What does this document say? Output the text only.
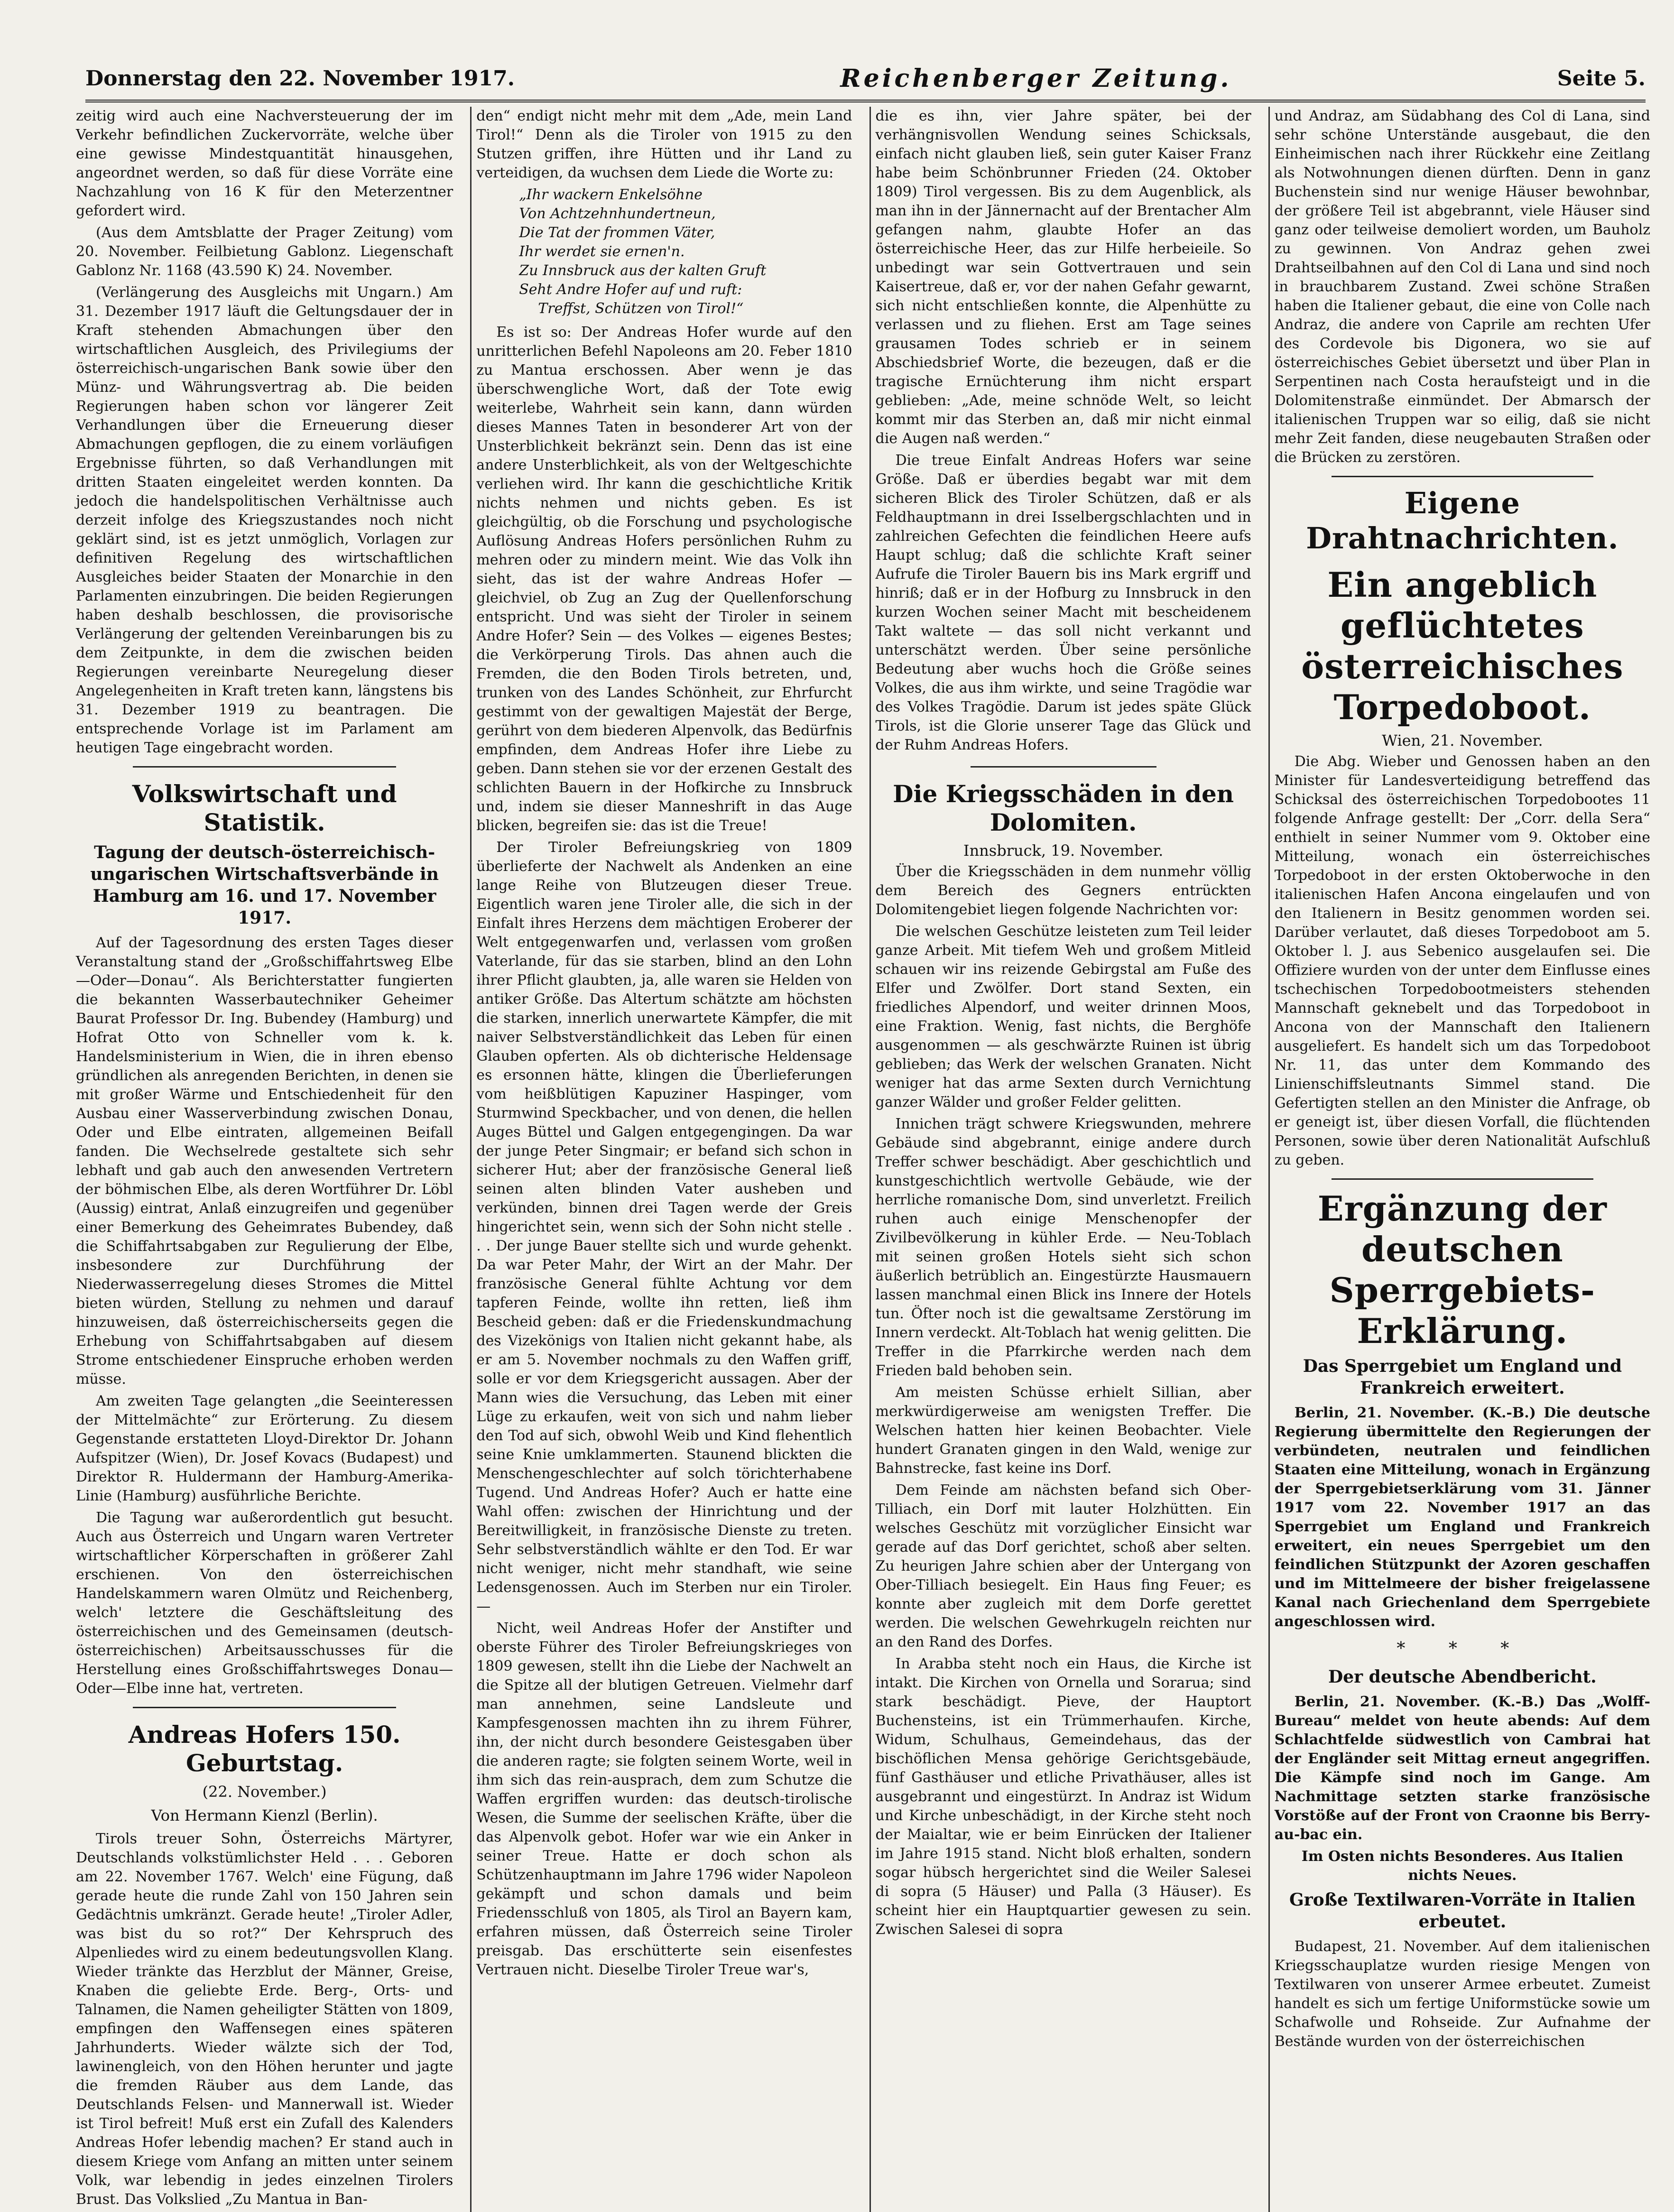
Donnerstag den 22. November 1917.	Reichenberger Zeitung.	Seite 5.

zeitig wird auch eine Nachversteuerung der im Verkehr befindlichen Zuckervorräte, welche über eine gewisse Mindestquantität hinausgehen, angeordnet werden, so daß für diese Vorräte eine Nachzahlung von 16 K für den Meterzentner gefordert wird.

(Aus dem Amtsblatte der Prager Zeitung) vom 20. November. Feilbietung Gablonz. Liegenschaft Gablonz Nr. 1168 (43.590 K) 24. November.

(Verlängerung des Ausgleichs mit Ungarn.) Am 31. Dezember 1917 läuft die Geltungsdauer der in Kraft stehenden Abmachungen über den wirtschaftlichen Ausgleich, des Privilegiums der österreichisch-ungarischen Bank sowie über den Münz- und Währungsvertrag ab. Die beiden Regierungen haben schon vor längerer Zeit Verhandlungen über die Erneuerung dieser Abmachungen gepflogen, die zu einem vorläufigen Ergebnisse führten, so daß Verhandlungen mit dritten Staaten eingeleitet werden konnten. Da jedoch die handelspolitischen Verhältnisse auch derzeit infolge des Kriegszustandes noch nicht geklärt sind, ist es jetzt unmöglich, Vorlagen zur definitiven Regelung des wirtschaftlichen Ausgleiches beider Staaten der Monarchie in den Parlamenten einzubringen. Die beiden Regierungen haben deshalb beschlossen, die provisorische Verlängerung der geltenden Vereinbarungen bis zu dem Zeitpunkte, in dem die zwischen beiden Regierungen vereinbarte Neuregelung dieser Angelegenheiten in Kraft treten kann, längstens bis 31. Dezember 1919 zu beantragen. Die entsprechende Vorlage ist im Parlament am heutigen Tage eingebracht worden.

Volkswirtschaft und Statistik.
Tagung der deutsch-österreichisch-ungarischen Wirtschaftsverbände in Hamburg am 16. und 17. November 1917.

Auf der Tagesordnung des ersten Tages dieser Veranstaltung stand der „Großschiffahrtsweg Elbe—Oder—Donau“. Als Berichterstatter fungierten die bekannten Wasserbautechniker Geheimer Baurat Professor Dr. Ing. Bubendey (Hamburg) und Hofrat Otto von Schneller vom k. k. Handelsministerium in Wien, die in ihren ebenso gründlichen als anregenden Berichten, in denen sie mit großer Wärme und Entschiedenheit für den Ausbau einer Wasserverbindung zwischen Donau, Oder und Elbe eintraten, allgemeinen Beifall fanden. Die Wechselrede gestaltete sich sehr lebhaft und gab auch den anwesenden Vertretern der böhmischen Elbe, als deren Wortführer Dr. Löbl (Aussig) eintrat, Anlaß einzugreifen und gegenüber einer Bemerkung des Geheimrates Bubendey, daß die Schiffahrtsabgaben zur Regulierung der Elbe, insbesondere zur Durchführung der Niederwasserregelung dieses Stromes die Mittel bieten würden, Stellung zu nehmen und darauf hinzuweisen, daß österreichischerseits gegen die Erhebung von Schiffahrtsabgaben auf diesem Strome entschiedener Einspruche erhoben werden müsse.

Am zweiten Tage gelangten „die Seeinteressen der Mittelmächte“ zur Erörterung. Zu diesem Gegenstande erstatteten Lloyd-Direktor Dr. Johann Aufspitzer (Wien), Dr. Josef Kovacs (Budapest) und Direktor R. Huldermann der Hamburg-Amerika-Linie (Hamburg) ausführliche Berichte.

Die Tagung war außerordentlich gut besucht. Auch aus Österreich und Ungarn waren Vertreter wirtschaftlicher Körperschaften in größerer Zahl erschienen. Von den österreichischen Handelskammern waren Olmütz und Reichenberg, welch' letztere die Geschäftsleitung des österreichischen und des Gemeinsamen (deutsch-österreichischen) Arbeitsausschusses für die Herstellung eines Großschiffahrtsweges Donau—Oder—Elbe inne hat, vertreten.

Andreas Hofers 150. Geburtstag.
(22. November.)
Von Hermann Kienzl (Berlin).

Tirols treuer Sohn, Österreichs Märtyrer, Deutschlands volkstümlichster Held . . . Geboren am 22. November 1767. Welch' eine Fügung, daß gerade heute die runde Zahl von 150 Jahren sein Gedächtnis umkränzt. Gerade heute! „Tiroler Adler, was bist du so rot?“ Der Kehrspruch des Alpenliedes wird zu einem bedeutungsvollen Klang. Wieder tränkte das Herzblut der Männer, Greise, Knaben die geliebte Erde. Berg-, Orts- und Talnamen, die Namen geheiligter Stätten von 1809, empfingen den Waffensegen eines späteren Jahrhunderts. Wieder wälzte sich der Tod, lawinengleich, von den Höhen herunter und jagte die fremden Räuber aus dem Lande, das Deutschlands Felsen- und Mannerwall ist. Wieder ist Tirol befreit! Muß erst ein Zufall des Kalenders Andreas Hofer lebendig machen? Er stand auch in diesem Kriege vom Anfang an mitten unter seinem Volk, war lebendig in jedes einzelnen Tirolers Brust. Das Volkslied „Zu Mantua in Ban-

den“ endigt nicht mehr mit dem „Ade, mein Land Tirol!“ Denn als die Tiroler von 1915 zu den Stutzen griffen, ihre Hütten und ihr Land zu verteidigen, da wuchsen dem Liede die Worte zu:

„Ihr wackern Enkelsöhne
Von Achtzehnhundertneun,
Die Tat der frommen Väter,
Ihr werdet sie ernen'n.
Zu Innsbruck aus der kalten Gruft
Seht Andre Hofer auf und ruft:
Treffst, Schützen von Tirol!“

Es ist so: Der Andreas Hofer wurde auf den unritterlichen Befehl Napoleons am 20. Feber 1810 zu Mantua erschossen. Aber wenn je das überschwengliche Wort, daß der Tote ewig weiterlebe, Wahrheit sein kann, dann würden dieses Mannes Taten in besonderer Art von der Unsterblichkeit bekränzt sein. Denn das ist eine andere Unsterblichkeit, als von der Weltgeschichte verliehen wird. Ihr kann die geschichtliche Kritik nichts nehmen und nichts geben. Es ist gleichgültig, ob die Forschung und psychologische Auflösung Andreas Hofers persönlichen Ruhm zu mehren oder zu mindern meint. Wie das Volk ihn sieht, das ist der wahre Andreas Hofer — gleichviel, ob Zug an Zug der Quellenforschung entspricht. Und was sieht der Tiroler in seinem Andre Hofer? Sein — des Volkes — eigenes Bestes; die Verkörperung Tirols. Das ahnen auch die Fremden, die den Boden Tirols betreten, und, trunken von des Landes Schönheit, zur Ehrfurcht gestimmt von der gewaltigen Majestät der Berge, gerührt von dem biederen Alpenvolk, das Bedürfnis empfinden, dem Andreas Hofer ihre Liebe zu geben. Dann stehen sie vor der erzenen Gestalt des schlichten Bauern in der Hofkirche zu Innsbruck und, indem sie dieser Manneshrift in das Auge blicken, begreifen sie: das ist die Treue!

Der Tiroler Befreiungskrieg von 1809 überlieferte der Nachwelt als Andenken an eine lange Reihe von Blutzeugen dieser Treue. Eigentlich waren jene Tiroler alle, die sich in der Einfalt ihres Herzens dem mächtigen Eroberer der Welt entgegenwarfen und, verlassen vom großen Vaterlande, für das sie starben, blind an den Lohn ihrer Pflicht glaubten, ja, alle waren sie Helden von antiker Größe. Das Altertum schätzte am höchsten die starken, innerlich unerwartete Kämpfer, die mit naiver Selbstverständlichkeit das Leben für einen Glauben opferten. Als ob dichterische Heldensage es ersonnen hätte, klingen die Überlieferungen vom heißblütigen Kapuziner Haspinger, vom Sturmwind Speckbacher, und von denen, die hellen Auges Büttel und Galgen entgegengingen. Da war der junge Peter Singmair; er befand sich schon in sicherer Hut; aber der französische General ließ seinen alten blinden Vater ausheben und verkünden, binnen drei Tagen werde der Greis hingerichtet sein, wenn sich der Sohn nicht stelle . . . Der junge Bauer stellte sich und wurde gehenkt. Da war Peter Mahr, der Wirt an der Mahr. Der französische General fühlte Achtung vor dem tapferen Feinde, wollte ihn retten, ließ ihm Bescheid geben: daß er die Friedenskundmachung des Vizekönigs von Italien nicht gekannt habe, als er am 5. November nochmals zu den Waffen griff, solle er vor dem Kriegsgericht aussagen. Aber der Mann wies die Versuchung, das Leben mit einer Lüge zu erkaufen, weit von sich und nahm lieber den Tod auf sich, obwohl Weib und Kind flehentlich seine Knie umklammerten. Staunend blickten die Menschengeschlechter auf solch törichterhabene Tugend. Und Andreas Hofer? Auch er hatte eine Wahl offen: zwischen der Hinrichtung und der Bereitwilligkeit, in französische Dienste zu treten. Sehr selbstverständlich wählte er den Tod. Er war nicht weniger, nicht mehr standhaft, wie seine Ledensgenossen. Auch im Sterben nur ein Tiroler. —

Nicht, weil Andreas Hofer der Anstifter und oberste Führer des Tiroler Befreiungskrieges von 1809 gewesen, stellt ihn die Liebe der Nachwelt an die Spitze all der blutigen Getreuen. Vielmehr darf man annehmen, seine Landsleute und Kampfesgenossen machten ihn zu ihrem Führer, ihn, der nicht durch besondere Geistesgaben über die anderen ragte; sie folgten seinem Worte, weil in ihm sich das rein-ausprach, dem zum Schutze die Waffen ergriffen wurden: das deutsch-tirolische Wesen, die Summe der seelischen Kräfte, über die das Alpenvolk gebot. Hofer war wie ein Anker in seiner Treue. Hatte er doch schon als Schützenhauptmann im Jahre 1796 wider Napoleon gekämpft und schon damals und beim Friedensschluß von 1805, als Tirol an Bayern kam, erfahren müssen, daß Österreich seine Tiroler preisgab. Das erschütterte sein eisenfestes Vertrauen nicht. Dieselbe Tiroler Treue war's,

die es ihn, vier Jahre später, bei der verhängnisvollen Wendung seines Schicksals, einfach nicht glauben ließ, sein guter Kaiser Franz habe beim Schönbrunner Frieden (24. Oktober 1809) Tirol vergessen. Bis zu dem Augenblick, als man ihn in der Jännernacht auf der Brentacher Alm gefangen nahm, glaubte Hofer an das österreichische Heer, das zur Hilfe herbeieile. So unbedingt war sein Gottvertrauen und sein Kaisertreue, daß er, vor der nahen Gefahr gewarnt, sich nicht entschließen konnte, die Alpenhütte zu verlassen und zu fliehen. Erst am Tage seines grausamen Todes schrieb er in seinem Abschiedsbrief Worte, die bezeugen, daß er die tragische Ernüchterung ihm nicht erspart geblieben: „Ade, meine schnöde Welt, so leicht kommt mir das Sterben an, daß mir nicht einmal die Augen naß werden.“

Die treue Einfalt Andreas Hofers war seine Größe. Daß er überdies begabt war mit dem sicheren Blick des Tiroler Schützen, daß er als Feldhauptmann in drei Isselbergschlachten und in zahlreichen Gefechten die feindlichen Heere aufs Haupt schlug; daß die schlichte Kraft seiner Aufrufe die Tiroler Bauern bis ins Mark ergriff und hinriß; daß er in der Hofburg zu Innsbruck in den kurzen Wochen seiner Macht mit bescheidenem Takt waltete — das soll nicht verkannt und unterschätzt werden. Über seine persönliche Bedeutung aber wuchs hoch die Größe seines Volkes, die aus ihm wirkte, und seine Tragödie war des Volkes Tragödie. Darum ist jedes späte Glück Tirols, ist die Glorie unserer Tage das Glück und der Ruhm Andreas Hofers.

Die Kriegsschäden in den Dolomiten.
Innsbruck, 19. November.

Über die Kriegsschäden in dem nunmehr völlig dem Bereich des Gegners entrückten Dolomitengebiet liegen folgende Nachrichten vor:

Die welschen Geschütze leisteten zum Teil leider ganze Arbeit. Mit tiefem Weh und großem Mitleid schauen wir ins reizende Gebirgstal am Fuße des Elfer und Zwölfer. Dort stand Sexten, ein friedliches Alpendorf, und weiter drinnen Moos, eine Fraktion. Wenig, fast nichts, die Berghöfe ausgenommen — als geschwärzte Ruinen ist übrig geblieben; das Werk der welschen Granaten. Nicht weniger hat das arme Sexten durch Vernichtung ganzer Wälder und großer Felder gelitten.

Innichen trägt schwere Kriegswunden, mehrere Gebäude sind abgebrannt, einige andere durch Treffer schwer beschädigt. Aber geschichtlich und kunstgeschichtlich wertvolle Gebäude, wie der herrliche romanische Dom, sind unverletzt. Freilich ruhen auch einige Menschenopfer der Zivilbevölkerung in kühler Erde. — Neu-Toblach mit seinen großen Hotels sieht sich schon äußerlich betrüblich an. Eingestürzte Hausmauern lassen manchmal einen Blick ins Innere der Hotels tun. Öfter noch ist die gewaltsame Zerstörung im Innern verdeckt. Alt-Toblach hat wenig gelitten. Die Treffer in die Pfarrkirche werden nach dem Frieden bald behoben sein.

Am meisten Schüsse erhielt Sillian, aber merkwürdigerweise am wenigsten Treffer. Die Welschen hatten hier keinen Beobachter. Viele hundert Granaten gingen in den Wald, wenige zur Bahnstrecke, fast keine ins Dorf.

Dem Feinde am nächsten befand sich Ober-Tilliach, ein Dorf mit lauter Holzhütten. Ein welsches Geschütz mit vorzüglicher Einsicht war gerade auf das Dorf gerichtet, schoß aber selten. Zu heurigen Jahre schien aber der Untergang von Ober-Tilliach besiegelt. Ein Haus fing Feuer; es konnte aber zugleich mit dem Dorfe gerettet werden. Die welschen Gewehrkugeln reichten nur an den Rand des Dorfes.

In Arabba steht noch ein Haus, die Kirche ist intakt. Die Kirchen von Ornella und Sorarua; sind stark beschädigt. Pieve, der Hauptort Buchensteins, ist ein Trümmerhaufen. Kirche, Widum, Schulhaus, Gemeindehaus, das der bischöflichen Mensa gehörige Gerichtsgebäude, fünf Gasthäuser und etliche Privathäuser, alles ist ausgebrannt und eingestürzt. In Andraz ist Widum und Kirche unbeschädigt, in der Kirche steht noch der Maialtar, wie er beim Einrücken der Italiener im Jahre 1915 stand. Nicht bloß erhalten, sondern sogar hübsch hergerichtet sind die Weiler Salesei di sopra (5 Häuser) und Palla (3 Häuser). Es scheint hier ein Hauptquartier gewesen zu sein. Zwischen Salesei di sopra

und Andraz, am Südabhang des Col di Lana, sind sehr schöne Unterstände ausgebaut, die den Einheimischen nach ihrer Rückkehr eine Zeitlang als Notwohnungen dienen dürften. Denn in ganz Buchenstein sind nur wenige Häuser bewohnbar, der größere Teil ist abgebrannt, viele Häuser sind ganz oder teilweise demoliert worden, um Bauholz zu gewinnen. Von Andraz gehen zwei Drahtseilbahnen auf den Col di Lana und sind noch in brauchbarem Zustand. Zwei schöne Straßen haben die Italiener gebaut, die eine von Colle nach Andraz, die andere von Caprile am rechten Ufer des Cordevole bis Digonera, wo sie auf österreichisches Gebiet übersetzt und über Plan in Serpentinen nach Costa heraufsteigt und in die Dolomitenstraße einmündet. Der Abmarsch der italienischen Truppen war so eilig, daß sie nicht mehr Zeit fanden, diese neugebauten Straßen oder die Brücken zu zerstören.

Eigene Drahtnachrichten.
Ein angeblich geflüchtetes österreichisches Torpedoboot.
Wien, 21. November.

Die Abg. Wieber und Genossen haben an den Minister für Landesverteidigung betreffend das Schicksal des österreichischen Torpedobootes 11 folgende Anfrage gestellt: Der „Corr. della Sera“ enthielt in seiner Nummer vom 9. Oktober eine Mitteilung, wonach ein österreichisches Torpedoboot in der ersten Oktoberwoche in den italienischen Hafen Ancona eingelaufen und von den Italienern in Besitz genommen worden sei. Darüber verlautet, daß dieses Torpedoboot am 5. Oktober l. J. aus Sebenico ausgelaufen sei. Die Offiziere wurden von der unter dem Einflusse eines tschechischen Torpedobootmeisters stehenden Mannschaft geknebelt und das Torpedoboot in Ancona von der Mannschaft den Italienern ausgeliefert. Es handelt sich um das Torpedoboot Nr. 11, das unter dem Kommando des Linienschiffsleutnants Simmel stand. Die Gefertigten stellen an den Minister die Anfrage, ob er geneigt ist, über diesen Vorfall, die flüchtenden Personen, sowie über deren Nationalität Aufschluß zu geben.

Ergänzung der deutschen Sperrgebiets-Erklärung.
Das Sperrgebiet um England und Frankreich erweitert.

Berlin, 21. November. (K.-B.) Die deutsche Regierung übermittelte den Regierungen der verbündeten, neutralen und feindlichen Staaten eine Mitteilung, wonach in Ergänzung der Sperrgebietserklärung vom 31. Jänner 1917 vom 22. November 1917 an das Sperrgebiet um England und Frankreich erweitert, ein neues Sperrgebiet um den feindlichen Stützpunkt der Azoren geschaffen und im Mittelmeere der bisher freigelassene Kanal nach Griechenland dem Sperrgebiete angeschlossen wird.

* * *
Der deutsche Abendbericht.

Berlin, 21. November. (K.-B.) Das „Wolff-Bureau“ meldet von heute abends: Auf dem Schlachtfelde südwestlich von Cambrai hat der Engländer seit Mittag erneut angegriffen. Die Kämpfe sind noch im Gange. Am Nachmittage setzten starke französische Vorstöße auf der Front von Craonne bis Berry-au-bac ein.

Im Osten nichts Besonderes. Aus Italien nichts Neues.

Große Textilwaren-Vorräte in Italien erbeutet.

Budapest, 21. November. Auf dem italienischen Kriegsschauplatze wurden riesige Mengen von Textilwaren von unserer Armee erbeutet. Zumeist handelt es sich um fertige Uniformstücke sowie um Schafwolle und Rohseide. Zur Aufnahme der Bestände wurden von der österreichischen
